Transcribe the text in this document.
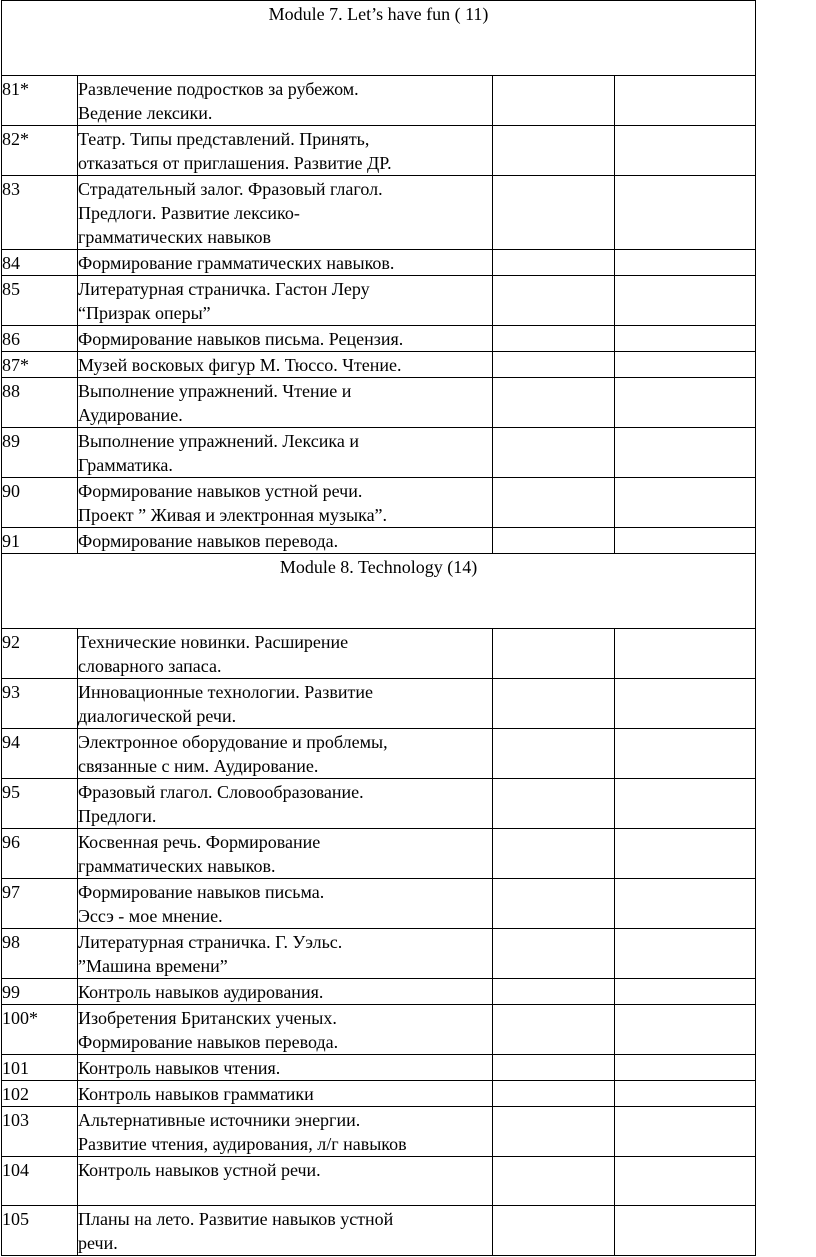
Module 7. Let’s have fun ( 11)			
81*	Развлечение подростков за рубежом.
Ведение лексики.		
82*	Театр. Типы представлений. Принять,
отказаться от приглашения. Развитие ДР.		
83	Страдательный залог. Фразовый глагол.
Предлоги. Развитие лексико-
грамматических навыков		
84	Формирование грамматических навыков.		
85	Литературная страничка. Гастон Леру
“Призрак оперы”		
86	Формирование навыков письма. Рецензия.		
87*	Музей восковых фигур М. Тюссо. Чтение.		
88	Выполнение упражнений. Чтение и
Аудирование.		
89	Выполнение упражнений. Лексика и
Грамматика.		
90	Формирование навыков устной речи.
Проект ” Живая и электронная музыка”.		
91	Формирование навыков перевода.		
Module 8. Technology (14)			
92	Технические новинки. Расширение
словарного запаса.		
93	Инновационные технологии. Развитие
диалогической речи.		
94	Электронное оборудование и проблемы,
связанные с ним. Аудирование.		
95	Фразовый глагол. Словообразование.
Предлоги.		
96	Косвенная речь. Формирование
грамматических навыков.		
97	Формирование навыков письма.
Эссэ - мое мнение.		
98	Литературная страничка. Г. Уэльс.
”Машина времени”		
99	Контроль навыков аудирования.		
100*	Изобретения Британских ученых.
Формирование навыков перевода.		
101	Контроль навыков чтения.		
102	Контроль навыков грамматики		
103	Альтернативные источники энергии.
Развитие чтения, аудирования, л/г навыков		
104	Контроль навыков устной речи.		
105	Планы на лето. Развитие навыков устной
речи.		
